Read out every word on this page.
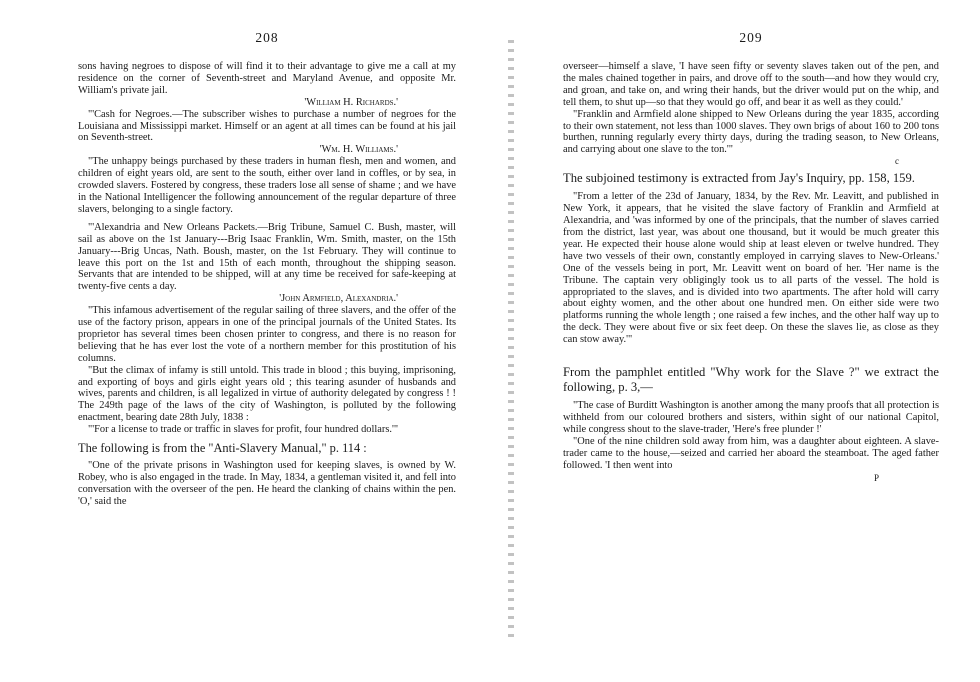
208

sons having negroes to dispose of will find it to their advantage to give me a call at my residence on the corner of Seventh-street and Maryland Avenue, and opposite Mr. William's private jail.

'William H. Richards.'

"'Cash for Negroes.—The subscriber wishes to purchase a number of negroes for the Louisiana and Mississippi market. Himself or an agent at all times can be found at his jail on Seventh-street.

'Wm. H. Williams.'

"The unhappy beings purchased by these traders in human flesh, men and women, and children of eight years old, are sent to the south, either over land in coffles, or by sea, in crowded slavers. Fostered by congress, these traders lose all sense of shame ; and we have in the National Intelligencer the following announcement of the regular departure of three slavers, belonging to a single factory.

"'Alexandria and New Orleans Packets.—Brig Tribune, Samuel C. Bush, master, will sail as above on the 1st January---Brig Isaac Franklin, Wm. Smith, master, on the 15th January---Brig Uncas, Nath. Boush, master, on the 1st February. They will continue to leave this port on the 1st and 15th of each month, throughout the shipping season. Servants that are intended to be shipped, will at any time be received for safe-keeping at twenty-five cents a day.

'John Armfield, Alexandria.'

"This infamous advertisement of the regular sailing of three slavers, and the offer of the use of the factory prison, appears in one of the principal journals of the United States. Its proprietor has several times been chosen printer to congress, and there is no reason for believing that he has ever lost the vote of a northern member for this prostitution of his columns.

"But the climax of infamy is still untold. This trade in blood ; this buying, imprisoning, and exporting of boys and girls eight years old ; this tearing asunder of husbands and wives, parents and children, is all legalized in virtue of authority delegated by congress ! ! The 249th page of the laws of the city of Washington, is polluted by the following enactment, bearing date 28th July, 1838 :

"'For a license to trade or traffic in slaves for profit, four hundred dollars.'"

The following is from the "Anti-Slavery Manual," p. 114 :

"One of the private prisons in Washington used for keeping slaves, is owned by W. Robey, who is also engaged in the trade. In May, 1834, a gentleman visited it, and fell into conversation with the overseer of the pen. He heard the clanking of chains within the pen. 'O,' said the

209

overseer—himself a slave, 'I have seen fifty or seventy slaves taken out of the pen, and the males chained together in pairs, and drove off to the south—and how they would cry, and groan, and take on, and wring their hands, but the driver would put on the whip, and tell them, to shut up—so that they would go off, and bear it as well as they could.'

"Franklin and Armfield alone shipped to New Orleans during the year 1835, according to their own statement, not less than 1000 slaves. They own brigs of about 160 to 200 tons burthen, running regularly every thirty days, during the trading season, to New Orleans, and carrying about one slave to the ton.'"

c

The subjoined testimony is extracted from Jay's Inquiry, pp. 158, 159.

"From a letter of the 23d of January, 1834, by the Rev. Mr. Leavitt, and published in New York, it appears, that he visited the slave factory of Franklin and Armfield at Alexandria, and 'was informed by one of the principals, that the number of slaves carried from the district, last year, was about one thousand, but it would be much greater this year. He expected their house alone would ship at least eleven or twelve hundred. They have two vessels of their own, constantly employed in carrying slaves to New-Orleans.' One of the vessels being in port, Mr. Leavitt went on board of her. 'Her name is the Tribune. The captain very obligingly took us to all parts of the vessel. The hold is appropriated to the slaves, and is divided into two apartments. The after hold will carry about eighty women, and the other about one hundred men. On either side were two platforms running the whole length ; one raised a few inches, and the other half way up to the deck. They were about five or six feet deep. On these the slaves lie, as close as they can stow away.'"

From the pamphlet entitled "Why work for the Slave ?" we extract the following, p. 3,—

"The case of Burditt Washington is another among the many proofs that all protection is withheld from our coloured brothers and sisters, within sight of our national Capitol, while congress shout to the slave-trader, 'Here's free plunder !'

"One of the nine children sold away from him, was a daughter about eighteen. A slave-trader came to the house,—seized and carried her aboard the steamboat. The aged father followed. 'I then went into

P
